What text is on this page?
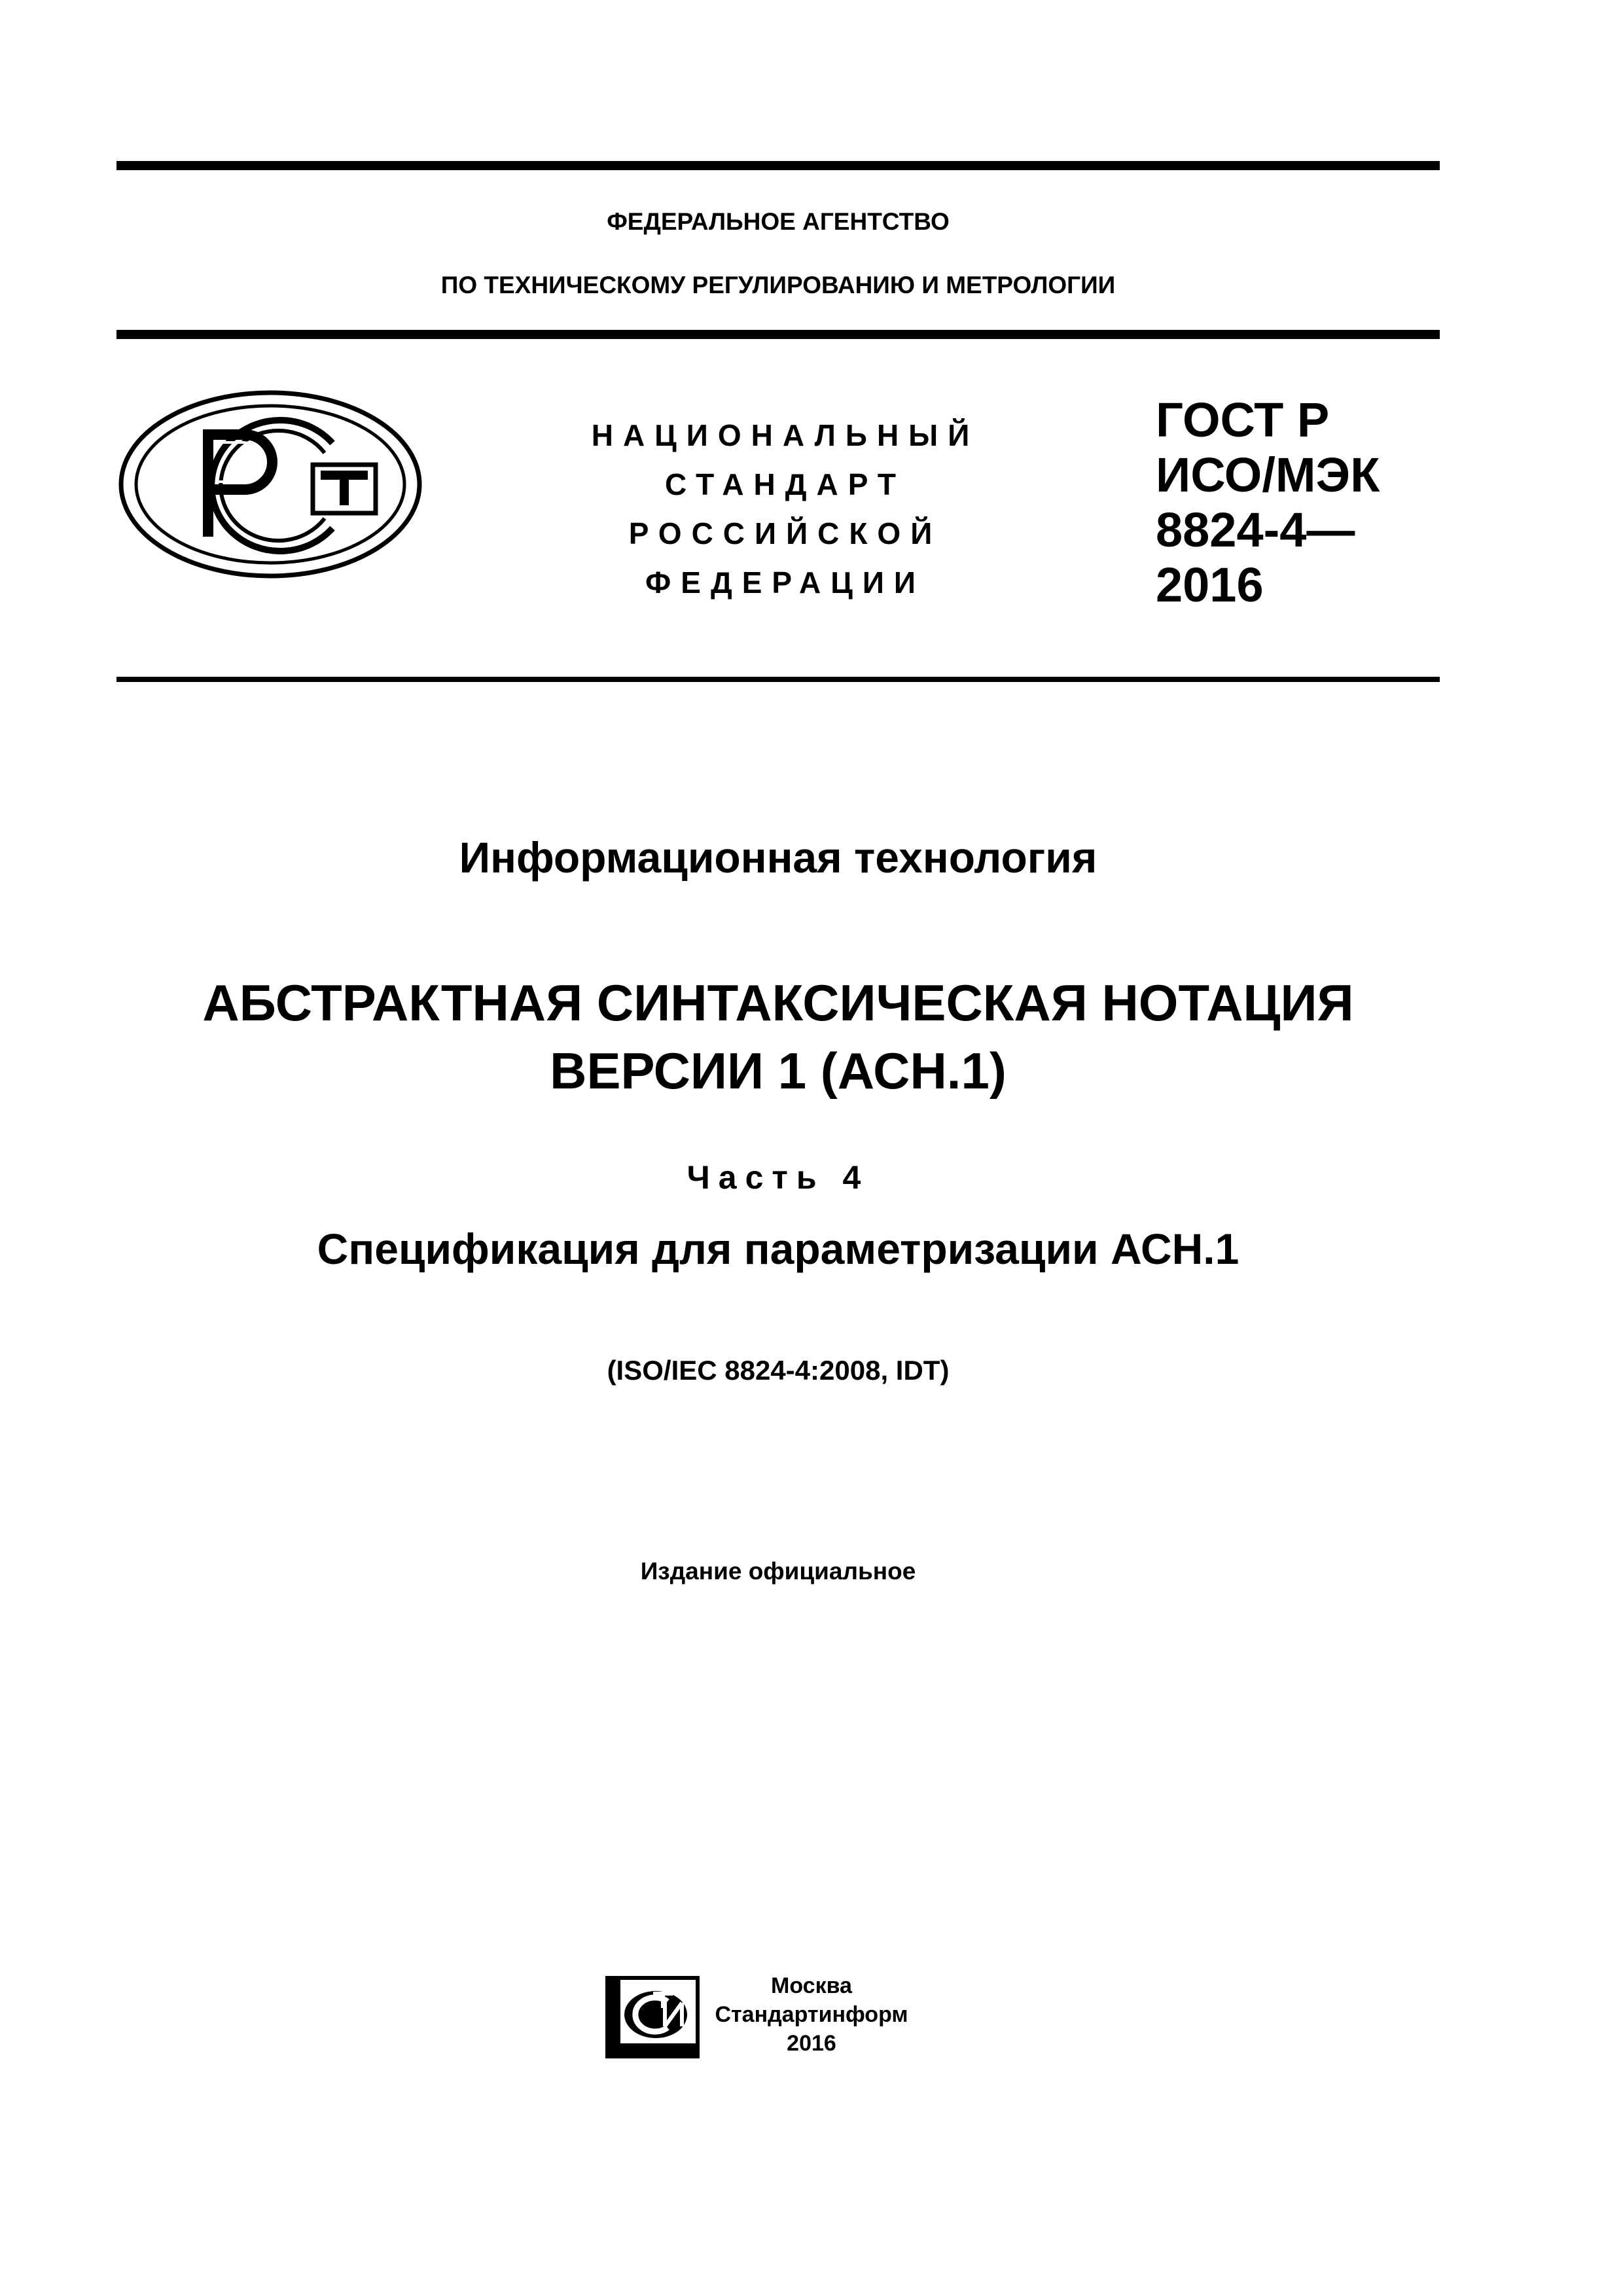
ФЕДЕРАЛЬНОЕ АГЕНТСТВО
ПО ТЕХНИЧЕСКОМУ РЕГУЛИРОВАНИЮ И МЕТРОЛОГИИ
НАЦИОНАЛЬНЫЙ
СТАНДАРТ
РОССИЙСКОЙ
ФЕДЕРАЦИИ
ГОСТ Р
ИСО/МЭК
8824-4—
2016
Информационная технология
АБСТРАКТНАЯ СИНТАКСИЧЕСКАЯ НОТАЦИЯ
ВЕРСИИ 1 (АСН.1)
Часть 4
Спецификация для параметризации АСН.1
(ISO/IEC 8824-4:2008, IDT)
Издание официальное
Москва
Стандартинформ
2016
